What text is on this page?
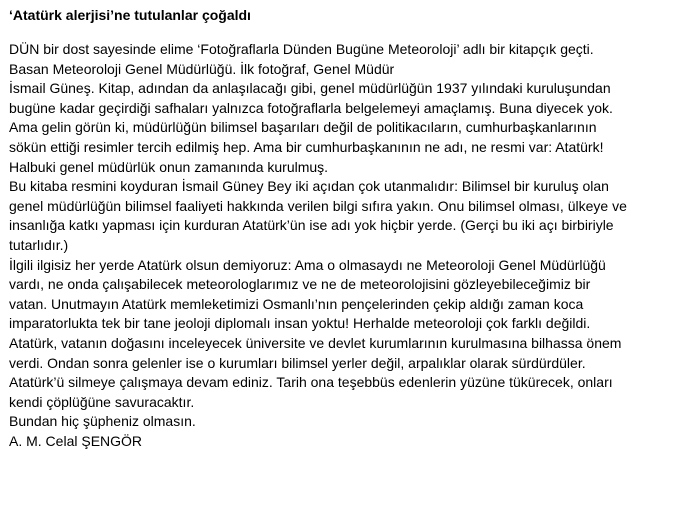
‘Atatürk alerjisi’ne tutulanlar çoğaldı
DÜN bir dost sayesinde elime ‘Fotoğraflarla Dünden Bugüne Meteoroloji’ adlı bir kitapçık geçti.
Basan Meteoroloji Genel Müdürlüğü. İlk fotoğraf, Genel Müdür
İsmail Güneş. Kitap, adından da anlaşılacağı gibi, genel müdürlüğün 1937 yılındaki kuruluşundan
bugüne kadar geçirdiği safhaları yalnızca fotoğraflarla belgelemeyi amaçlamış. Buna diyecek yok.
Ama gelin görün ki, müdürlüğün bilimsel başarıları değil de politikacıların, cumhurbaşkanlarının
sökün ettiği resimler tercih edilmiş hep. Ama bir cumhurbaşkanının ne adı, ne resmi var: Atatürk!
Halbuki genel müdürlük onun zamanında kurulmuş.
Bu kitaba resmini koyduran İsmail Güney Bey iki açıdan çok utanmalıdır: Bilimsel bir kuruluş olan
genel müdürlüğün bilimsel faaliyeti hakkında verilen bilgi sıfıra yakın. Onu bilimsel olması, ülkeye ve
insanlığa katkı yapması için kurduran Atatürk’ün ise adı yok hiçbir yerde. (Gerçi bu iki açı birbiriyle
tutarlıdır.)
İlgili ilgisiz her yerde Atatürk olsun demiyoruz: Ama o olmasaydı ne Meteoroloji Genel Müdürlüğü
vardı, ne onda çalışabilecek meteorologlarımız ve ne de meteorolojisini gözleyebileceğimiz bir
vatan. Unutmayın Atatürk memleketimizi Osmanlı’nın pençelerinden çekip aldığı zaman koca
imparatorlukta tek bir tane jeoloji diplomalı insan yoktu! Herhalde meteoroloji çok farklı değildi.
Atatürk, vatanın doğasını inceleyecek üniversite ve devlet kurumlarının kurulmasına bilhassa önem
verdi. Ondan sonra gelenler ise o kurumları bilimsel yerler değil, arpalıklar olarak sürdürdüler.
Atatürk’ü silmeye çalışmaya devam ediniz. Tarih ona teşebbüs edenlerin yüzüne tükürecek, onları
kendi çöplüğüne savuracaktır.
Bundan hiç şüpheniz olmasın.
A. M. Celal ŞENGÖR
